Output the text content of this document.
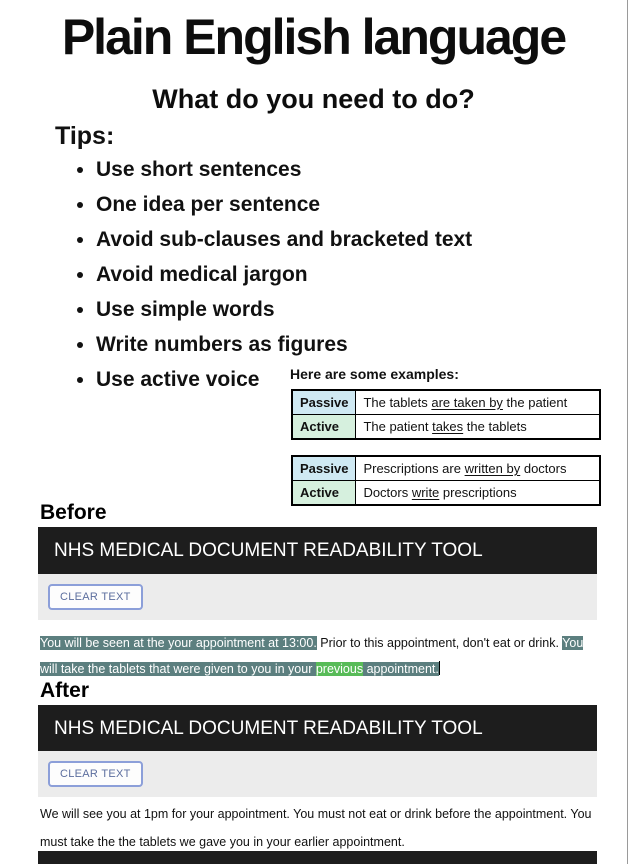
Plain English language
What do you need to do?
Tips:
• Use short sentences
• One idea per sentence
• Avoid sub-clauses and bracketed text
• Avoid medical jargon
• Use simple words
• Write numbers as figures
• Use active voice	Here are some examples:
Passive	The tablets are taken by the patient
Active	The patient takes the tablets
Passive	Prescriptions are written by doctors
Active	Doctors write prescriptions
Before
NHS MEDICAL DOCUMENT READABILITY TOOL
CLEAR TEXT
You will be seen at the your appointment at 13:00. Prior to this appointment, don't eat or drink. You will take the tablets that were given to you in your previous appointment.
After
NHS MEDICAL DOCUMENT READABILITY TOOL
CLEAR TEXT
We will see you at 1pm for your appointment. You must not eat or drink before the appointment. You must take the the tablets we gave you in your earlier appointment.
